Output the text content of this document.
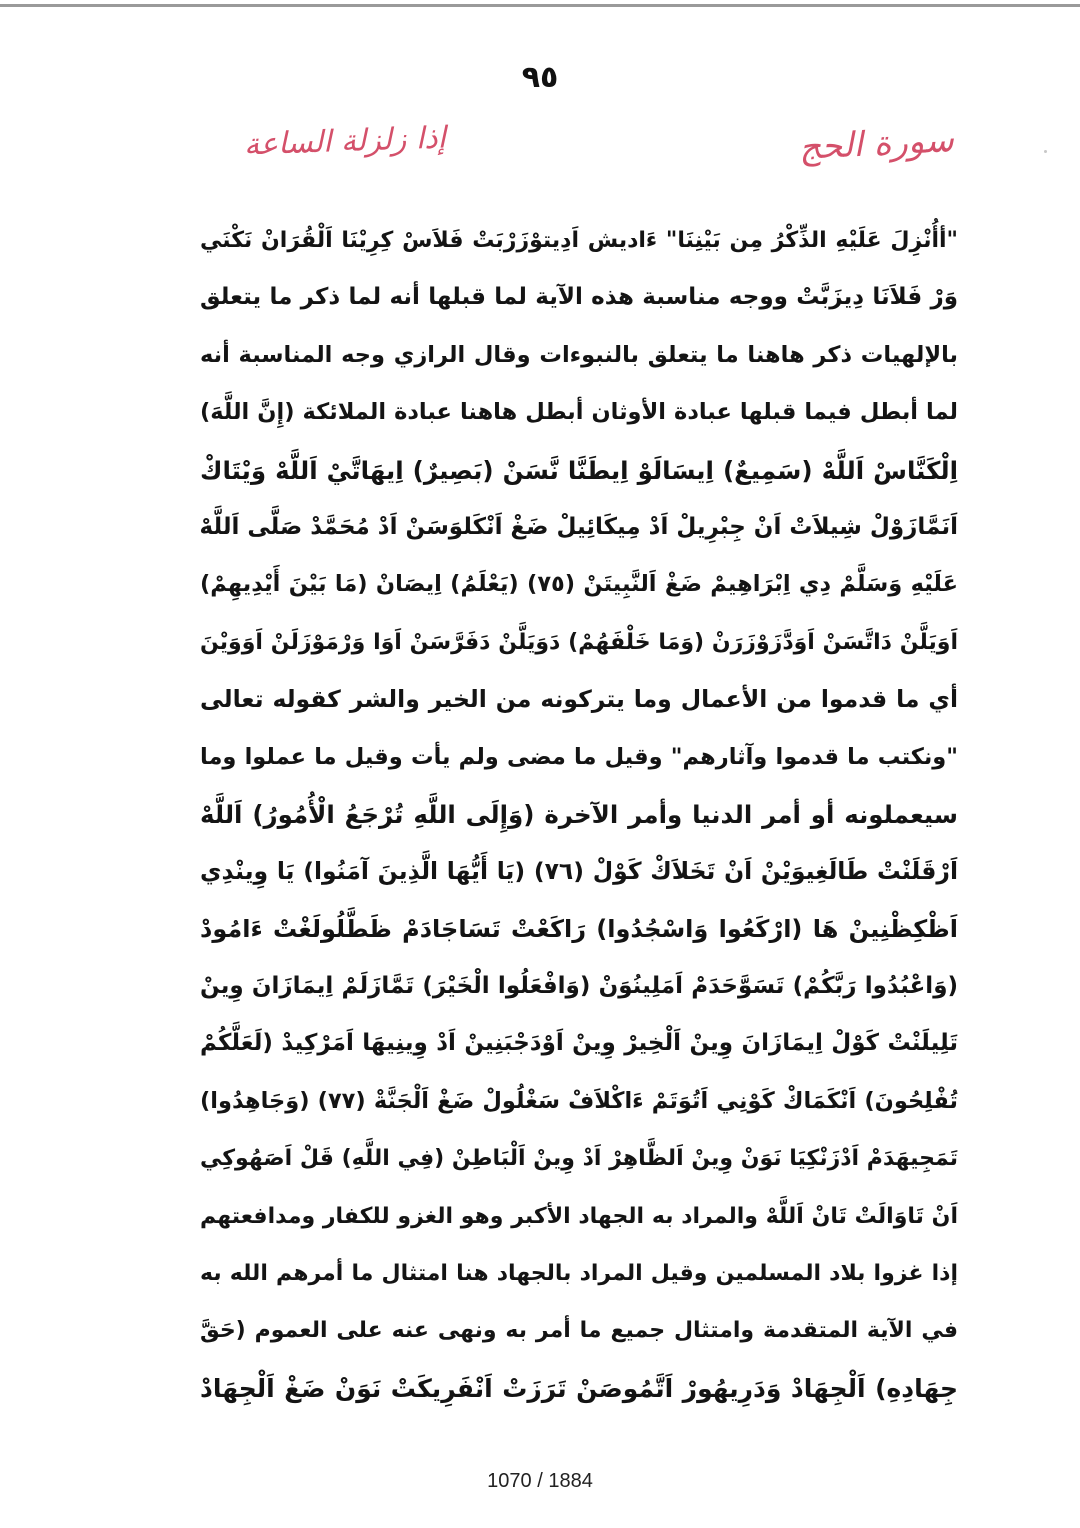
٩٥
سورة الحج
إذا زلزلة الساعة
"أأُنْزِلَ عَلَيْهِ الذِّكْرُ مِن بَيْنِنَا" ءَاديش اَدِيتوْزَرْبَتْ فَلاَسْ كِرِيْنَا اَلْقُرَانْ نَكْنَي
وَرْ فَلاَنَا دِيزَبَّتْ ووجه مناسبة هذه الآية لما قبلها أنه لما ذكر ما يتعلق
بالإلهيات ذكر هاهنا ما يتعلق بالنبوءات وقال الرازي وجه المناسبة أنه
لما أبطل فيما قبلها عبادة الأوثان أبطل هاهنا عبادة الملائكة (إِنَّ اللَّهَ)
اِلْكَنَّاسْ اَللَّهْ (سَمِيعٌ) اِيسَالَوْ اِيطَنَّا نَّسَنْ (بَصِيرٌ) اِيهَاتَّيْ اَللَّهْ وَيْتَاكْ
اَنَمَّازَوْلْ شِيلاَتْ اَنْ جِبْرِيلْ اَدْ مِيكَائِيلْ ضَغْ اَنْكَلوَسَنْ اَدْ مُحَمَّدْ صَلَّى اَللَّهْ
عَلَيْهِ وَسَلَّمْ دِي اِبْرَاهِيمْ ضَغْ اَلنَّبِيتَنْ (٧٥) (يَعْلَمُ) اِيصَانْ (مَا بَيْنَ أَيْدِيهِمْ)
اَوَيَلَّنْ دَاتَّسَنْ اَوَدَّزَوْزَرَنْ (وَمَا خَلْفَهُمْ) دَوَيَلَّنْ دَفَرَّسَنْ اَوَا وَرْمَوْزَلَنْ اَوَوَيْنَ
أي ما قدموا من الأعمال وما يتركونه من الخير والشر كقوله تعالى
"ونكتب ما قدموا وآثارهم" وقيل ما مضى ولم يأت وقيل ما عملوا وما
سيعملونه أو أمر الدنيا وأمر الآخرة (وَإِلَى اللَّهِ تُرْجَعُ الْأُمُورُ) اَللَّهْ
اَرْقَلَنْتْ طَالَغِيوَيْنْ اَنْ تَخَلاَكْ كَوْلْ (٧٦) (يَا أَيُّهَا الَّذِينَ آمَنُوا) يَا وِينْدِي
اَظْكِظْنِينْ هَا (ارْكَعُوا وَاسْجُدُوا) رَاكَعْتْ تَسَاجَادَمْ ظَطَّلُولَغْتْ ءَامُودْ
(وَاعْبُدُوا رَبَّكُمْ) تَسَوَّحَدَمْ اَمَلِينُوَنْ (وَافْعَلُوا الْخَيْرَ) تَمَّازَلَمْ اِيمَازَانَ وِينْ
تَلِيلَنْتْ كَوْلْ اِيمَازَانَ وِينْ اَلْخِيرْ وِينْ اَوْدَجْبَنِينْ اَدْ وِينِيهَا اَمَرْكِيدْ (لَعَلَّكُمْ
تُفْلِحُونَ) اَنْكَمَاكْ كَوْنِي اَتُوَتَمْ ءَاكْلاَفْ سَغْلُولْ ضَغْ اَلْجَنَّةْ (٧٧) (وَجَاهِدُوا)
تَمَجِيهَدَمْ اَدْزَنْكِيَا نَوَنْ وِينْ اَلظَّاهِرْ اَدْ وِينْ اَلْبَاطِنْ (فِي اللَّهِ) قَلْ اَصَهُوكِي
اَنْ تَاوَالَتْ تَانْ اَللَّهْ والمراد به الجهاد الأكبر وهو الغزو للكفار ومدافعتهم
إذا غزوا بلاد المسلمين وقيل المراد بالجهاد هنا امتثال ما أمرهم الله به
في الآية المتقدمة وامتثال جميع ما أمر به ونهى عنه على العموم (حَقَّ
جِهَادِهِ) اَلْجِهَادْ وَدَرِيهُورْ اَتَّمُوصَنْ تَرَزَتْ اَنْفَرِيكَتْ نَوَنْ ضَغْ اَلْجِهَادْ
1070 / 1884
